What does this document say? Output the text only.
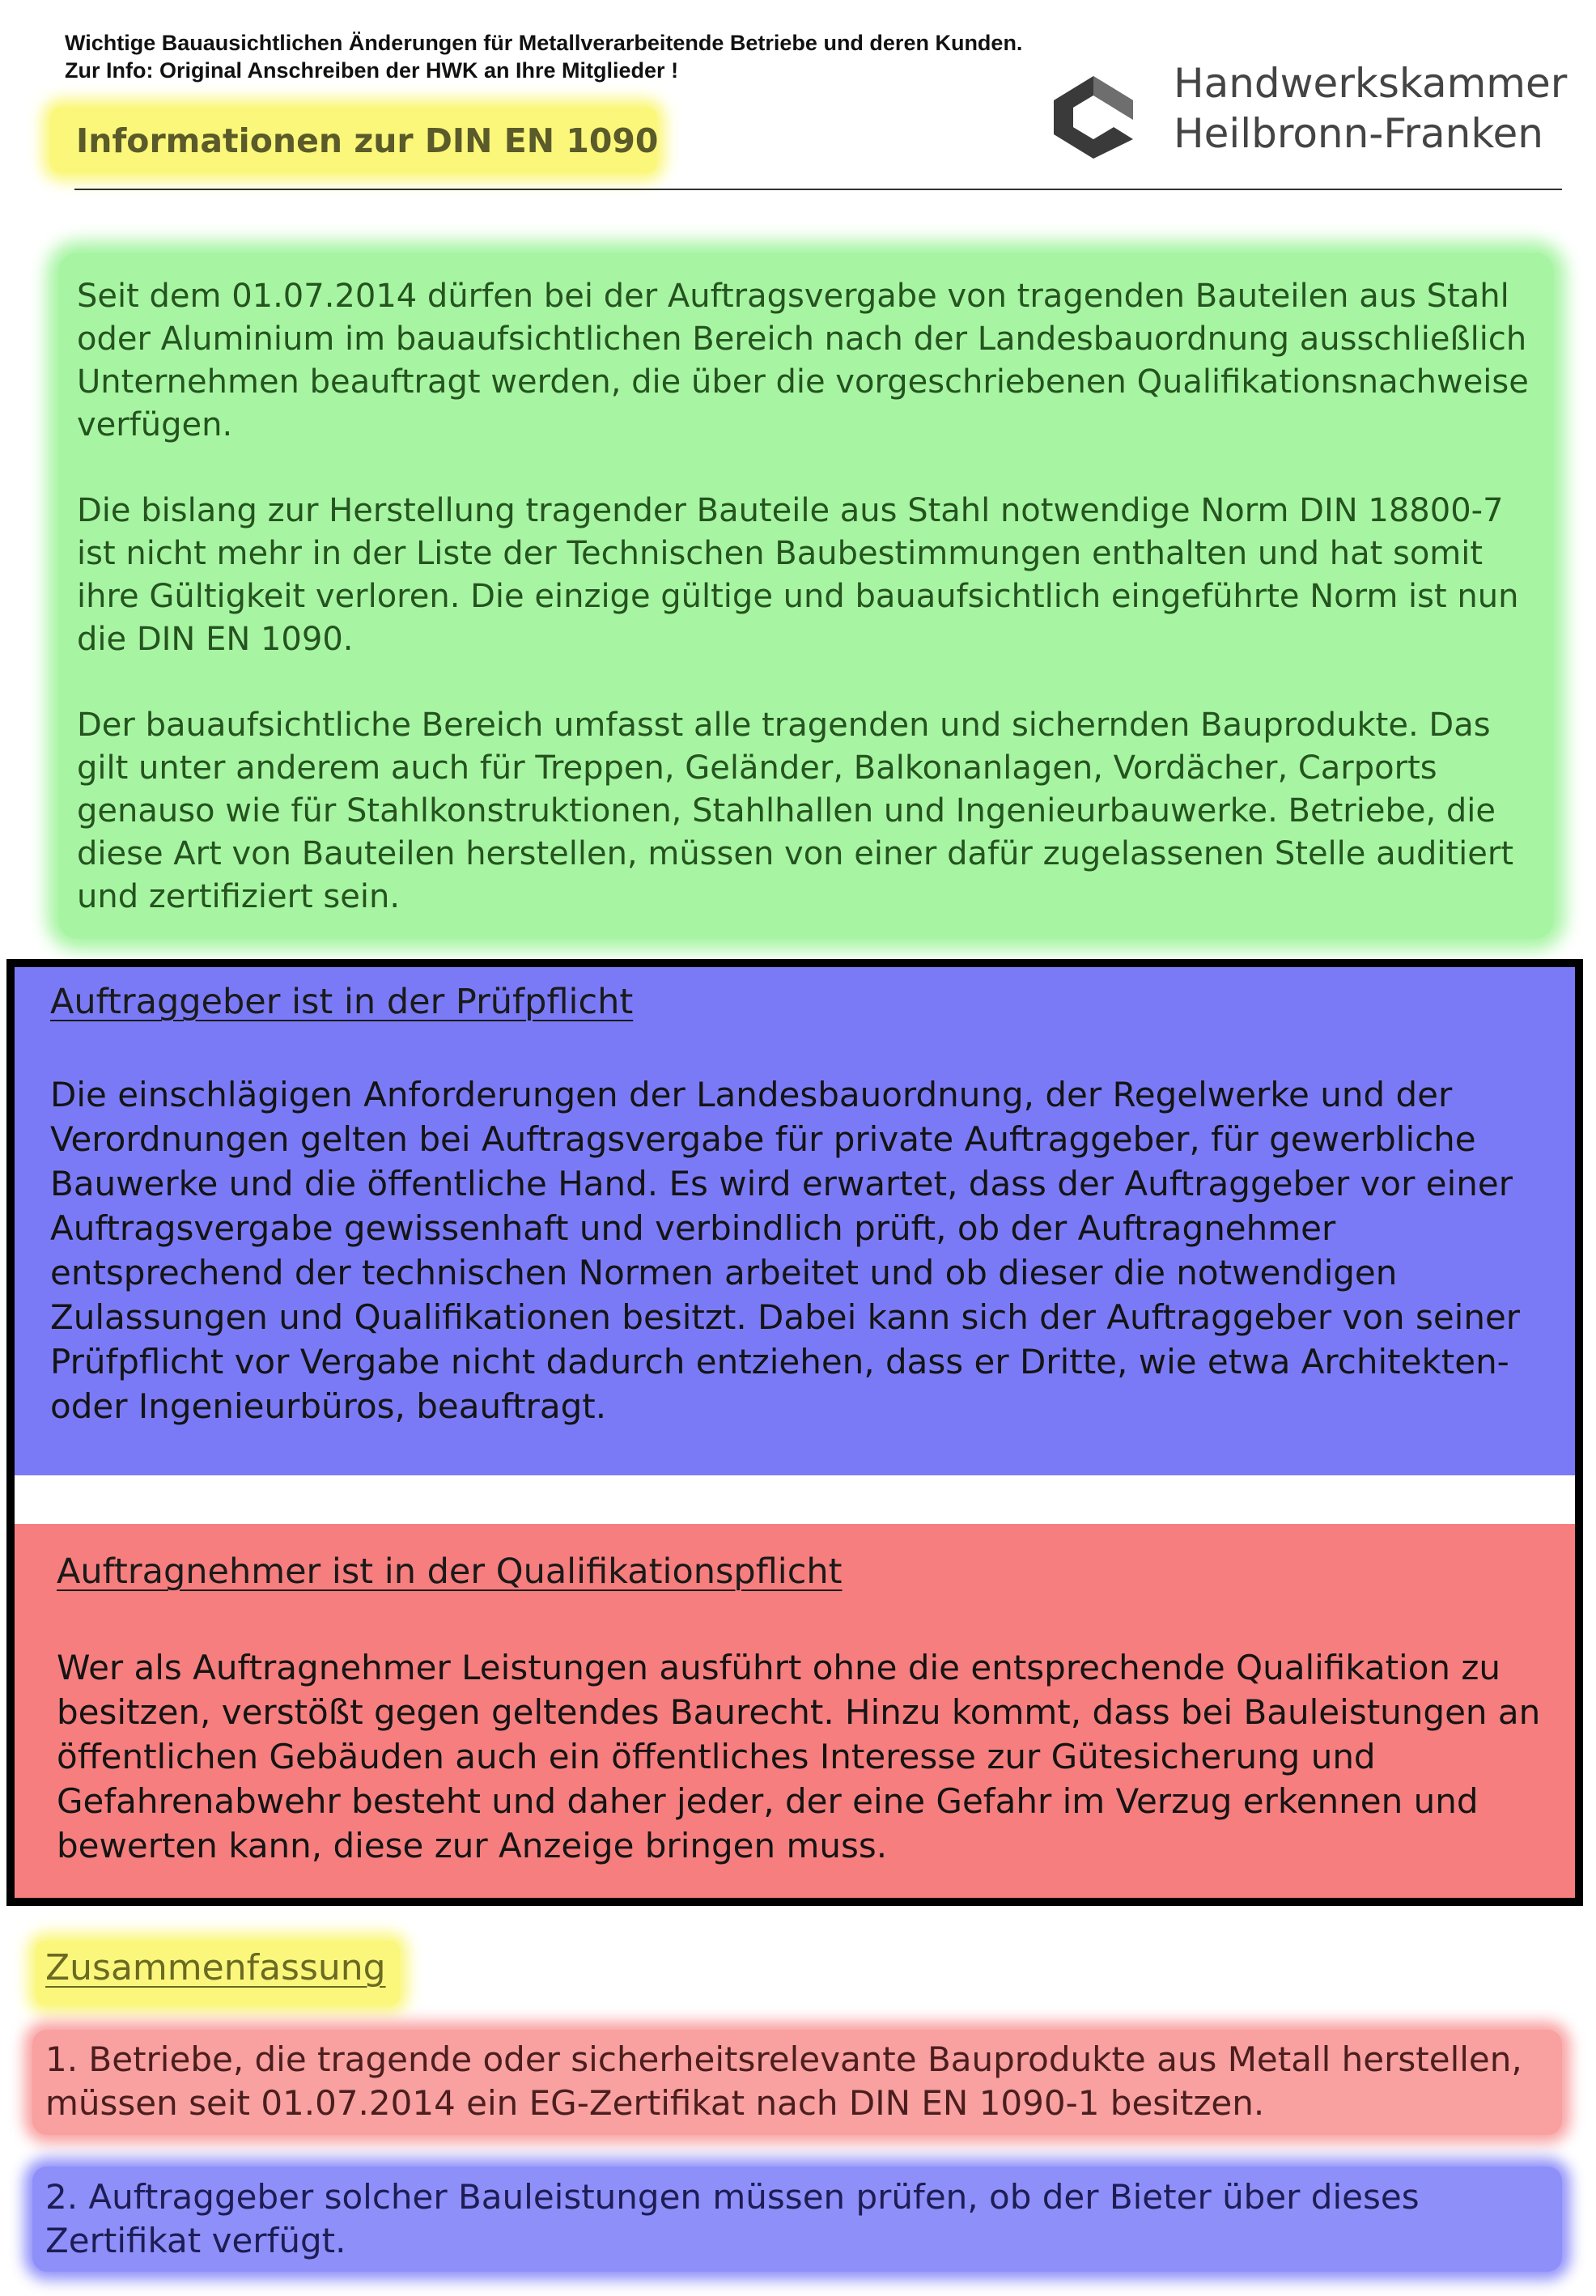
Wichtige Bauausichtlichen Änderungen für Metallverarbeitende Betriebe und deren Kunden. Zur Info: Original Anschreiben der HWK an Ihre Mitglieder !
Informationen zur DIN EN 1090
Handwerkskammer
Heilbronn-Franken

Seit dem 01.07.2014 dürfen bei der Auftragsvergabe von tragenden Bauteilen aus Stahl oder Aluminium im bauaufsichtlichen Bereich nach der Landesbauordnung ausschließlich Unternehmen beauftragt werden, die über die vorgeschriebenen Qualifikationsnachweise verfügen.

Die bislang zur Herstellung tragender Bauteile aus Stahl notwendige Norm DIN 18800-7 ist nicht mehr in der Liste der Technischen Baubestimmungen enthalten und hat somit ihre Gültigkeit verloren. Die einzige gültige und bauaufsichtlich eingeführte Norm ist nun die DIN EN 1090.

Der bauaufsichtliche Bereich umfasst alle tragenden und sichernden Bauprodukte. Das gilt unter anderem auch für Treppen, Geländer, Balkonanlagen, Vordächer, Carports genauso wie für Stahlkonstruktionen, Stahlhallen und Ingenieurbauwerke. Betriebe, die diese Art von Bauteilen herstellen, müssen von einer dafür zugelassenen Stelle auditiert und zertifiziert sein.

Auftraggeber ist in der Prüfpflicht
Die einschlägigen Anforderungen der Landesbauordnung, der Regelwerke und der Verordnungen gelten bei Auftragsvergabe für private Auftraggeber, für gewerbliche Bauwerke und die öffentliche Hand. Es wird erwartet, dass der Auftraggeber vor einer Auftragsvergabe gewissenhaft und verbindlich prüft, ob der Auftragnehmer entsprechend der technischen Normen arbeitet und ob dieser die notwendigen Zulassungen und Qualifikationen besitzt. Dabei kann sich der Auftraggeber von seiner Prüfpflicht vor Vergabe nicht dadurch entziehen, dass er Dritte, wie etwa Architekten- oder Ingenieurbüros, beauftragt.
Auftragnehmer ist in der Qualifikationspflicht
Wer als Auftragnehmer Leistungen ausführt ohne die entsprechende Qualifikation zu besitzen, verstößt gegen geltendes Baurecht. Hinzu kommt, dass bei Bauleistungen an öffentlichen Gebäuden auch ein öffentliches Interesse zur Gütesicherung und Gefahrenabwehr besteht und daher jeder, der eine Gefahr im Verzug erkennen und bewerten kann, diese zur Anzeige bringen muss.
Zusammenfassung
1. Betriebe, die tragende oder sicherheitsrelevante Bauprodukte aus Metall herstellen, müssen seit 01.07.2014 ein EG-Zertifikat nach DIN EN 1090-1 besitzen.
2. Auftraggeber solcher Bauleistungen müssen prüfen, ob der Bieter über dieses Zertifikat verfügt.
